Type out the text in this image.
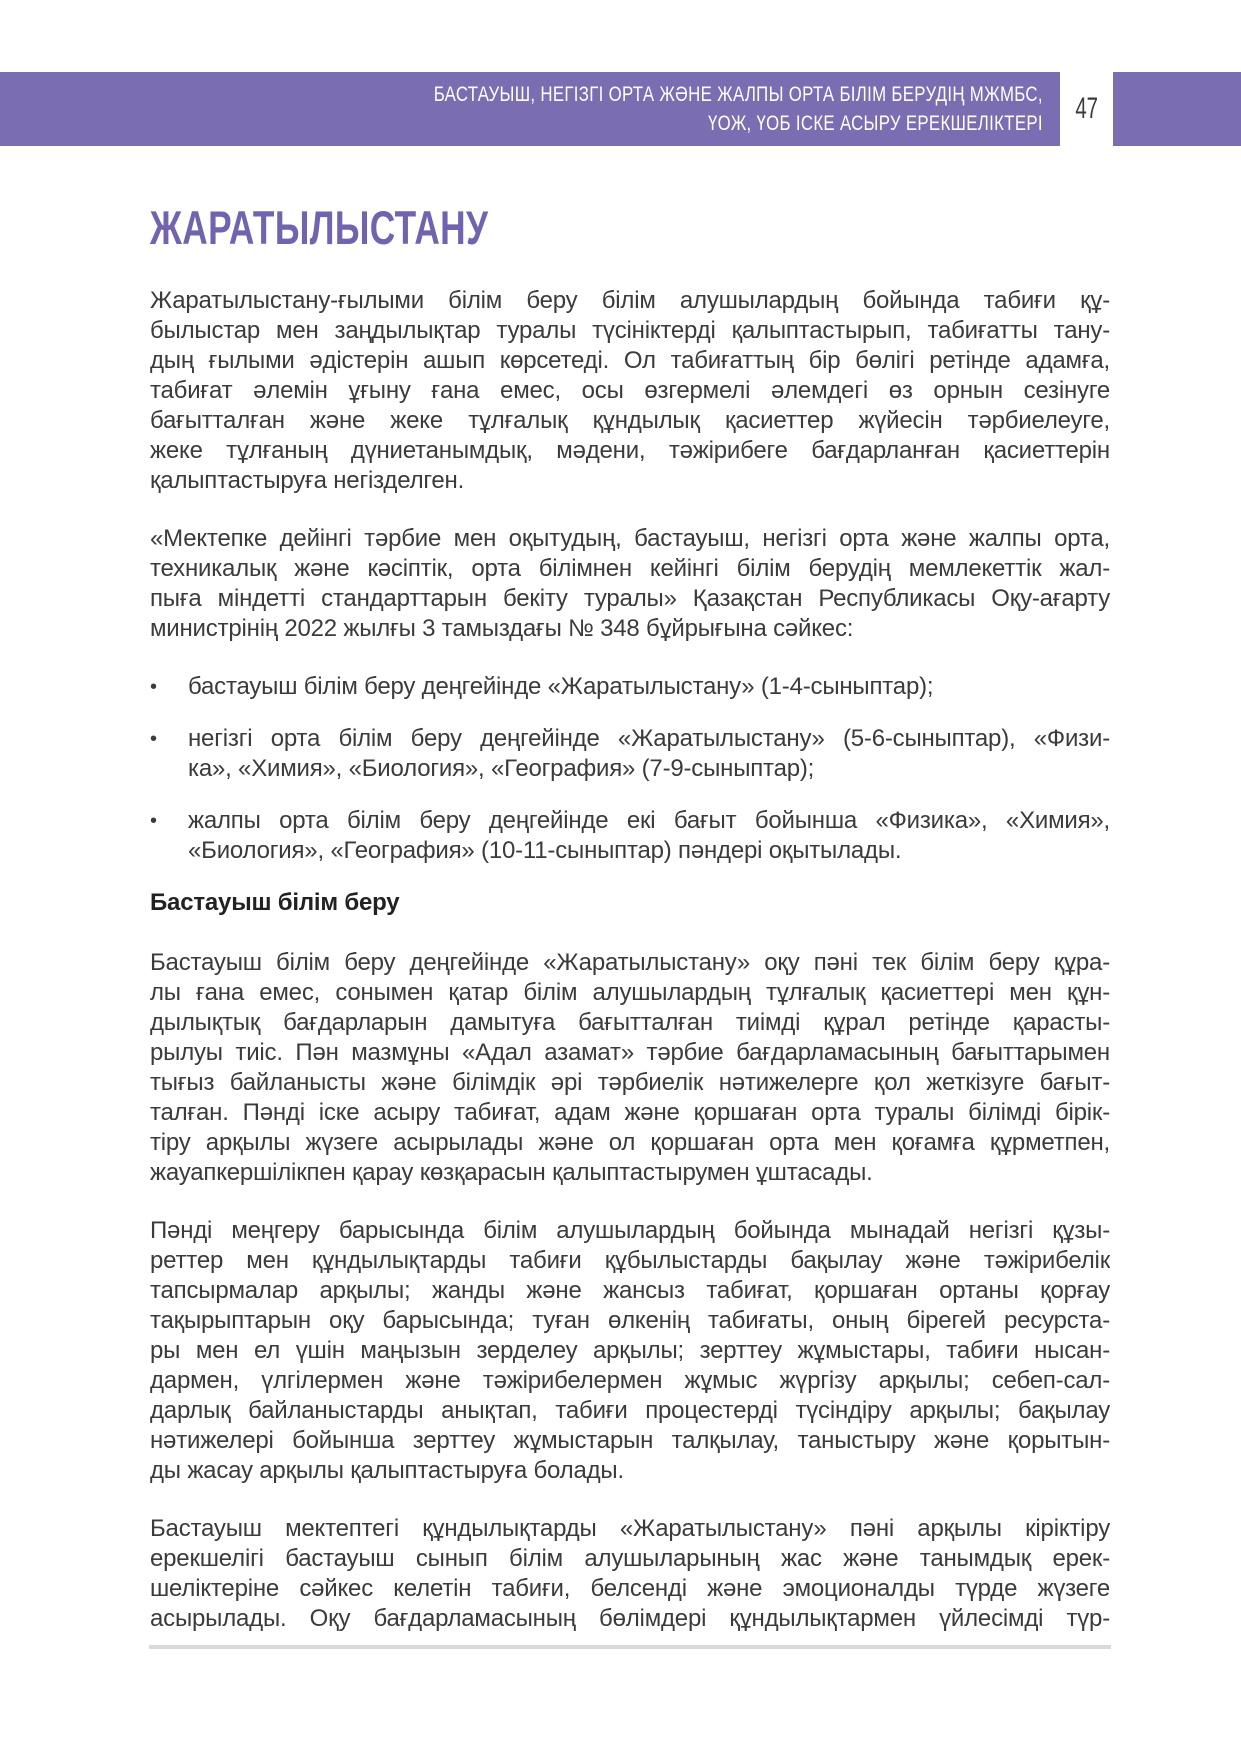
БАСТАУЫШ, НЕГІЗГІ ОРТА ЖӘНЕ ЖАЛПЫ ОРТА БІЛІМ БЕРУДІҢ МЖМБС,
ҮОЖ, ҮОБ ІСКЕ АСЫРУ ЕРЕКШЕЛІКТЕРІ 47
ЖАРАТЫЛЫСТАНУ
Жаратылыстану-ғылыми білім беру білім алушылардың бойында табиғи құ-
былыстар мен заңдылықтар туралы түсініктерді қалыптастырып, табиғатты тану-
дың ғылыми әдістерін ашып көрсетеді. Ол табиғаттың бір бөлігі ретінде адамға,
табиғат әлемін ұғыну ғана емес, осы өзгермелі әлемдегі өз орнын сезінуге
бағытталған және жеке тұлғалық құндылық қасиеттер жүйесін тәрбиелеуге,
жеке тұлғаның дүниетанымдық, мәдени, тәжірибеге бағдарланған қасиеттерін
қалыптастыруға негізделген.
«Мектепке дейінгі тәрбие мен оқытудың, бастауыш, негізгі орта және жалпы орта,
техникалық және кәсіптік, орта білімнен кейінгі білім берудің мемлекеттік жал-
пыға міндетті стандарттарын бекіту туралы» Қазақстан Республикасы Оқу-ағарту
министрінің 2022 жылғы 3 тамыздағы № 348 бұйрығына сәйкес:
•	бастауыш білім беру деңгейінде «Жаратылыстану» (1-4-сыныптар);
•	негізгі орта білім беру деңгейінде «Жаратылыстану» (5-6-сыныптар), «Физи-
ка», «Химия», «Биология», «География» (7-9-сыныптар);
•	жалпы орта білім беру деңгейінде екі бағыт бойынша «Физика», «Химия»,
«Биология», «География» (10-11-сыныптар) пәндері оқытылады.
Бастауыш білім беру
Бастауыш білім беру деңгейінде «Жаратылыстану» оқу пәні тек білім беру құра-
лы ғана емес, сонымен қатар білім алушылардың тұлғалық қасиеттері мен құн-
дылықтық бағдарларын дамытуға бағытталған тиімді құрал ретінде қарасты-
рылуы тиіс. Пән мазмұны «Адал азамат» тәрбие бағдарламасының бағыттарымен
тығыз байланысты және білімдік әрі тәрбиелік нәтижелерге қол жеткізуге бағыт-
талған. Пәнді іске асыру табиғат, адам және қоршаған орта туралы білімді бірік-
тіру арқылы жүзеге асырылады және ол қоршаған орта мен қоғамға құрметпен,
жауапкершілікпен қарау көзқарасын қалыптастырумен ұштасады.
Пәнді меңгеру барысында білім алушылардың бойында мынадай негізгі құзы-
реттер мен құндылықтарды табиғи құбылыстарды бақылау және тәжірибелік
тапсырмалар арқылы; жанды және жансыз табиғат, қоршаған ортаны қорғау
тақырыптарын оқу барысында; туған өлкенің табиғаты, оның бірегей ресурста-
ры мен ел үшін маңызын зерделеу арқылы; зерттеу жұмыстары, табиғи нысан-
дармен, үлгілермен және тәжірибелермен жұмыс жүргізу арқылы; себеп-сал-
дарлық байланыстарды анықтап, табиғи процестерді түсіндіру арқылы; бақылау
нәтижелері бойынша зерттеу жұмыстарын талқылау, таныстыру және қорытын-
ды жасау арқылы қалыптастыруға болады.
Бастауыш мектептегі құндылықтарды «Жаратылыстану» пәні арқылы кіріктіру
ерекшелігі бастауыш сынып білім алушыларының жас және танымдық ерек-
шеліктеріне сәйкес келетін табиғи, белсенді және эмоционалды түрде жүзеге
асырылады. Оқу бағдарламасының бөлімдері құндылықтармен үйлесімді түр-
